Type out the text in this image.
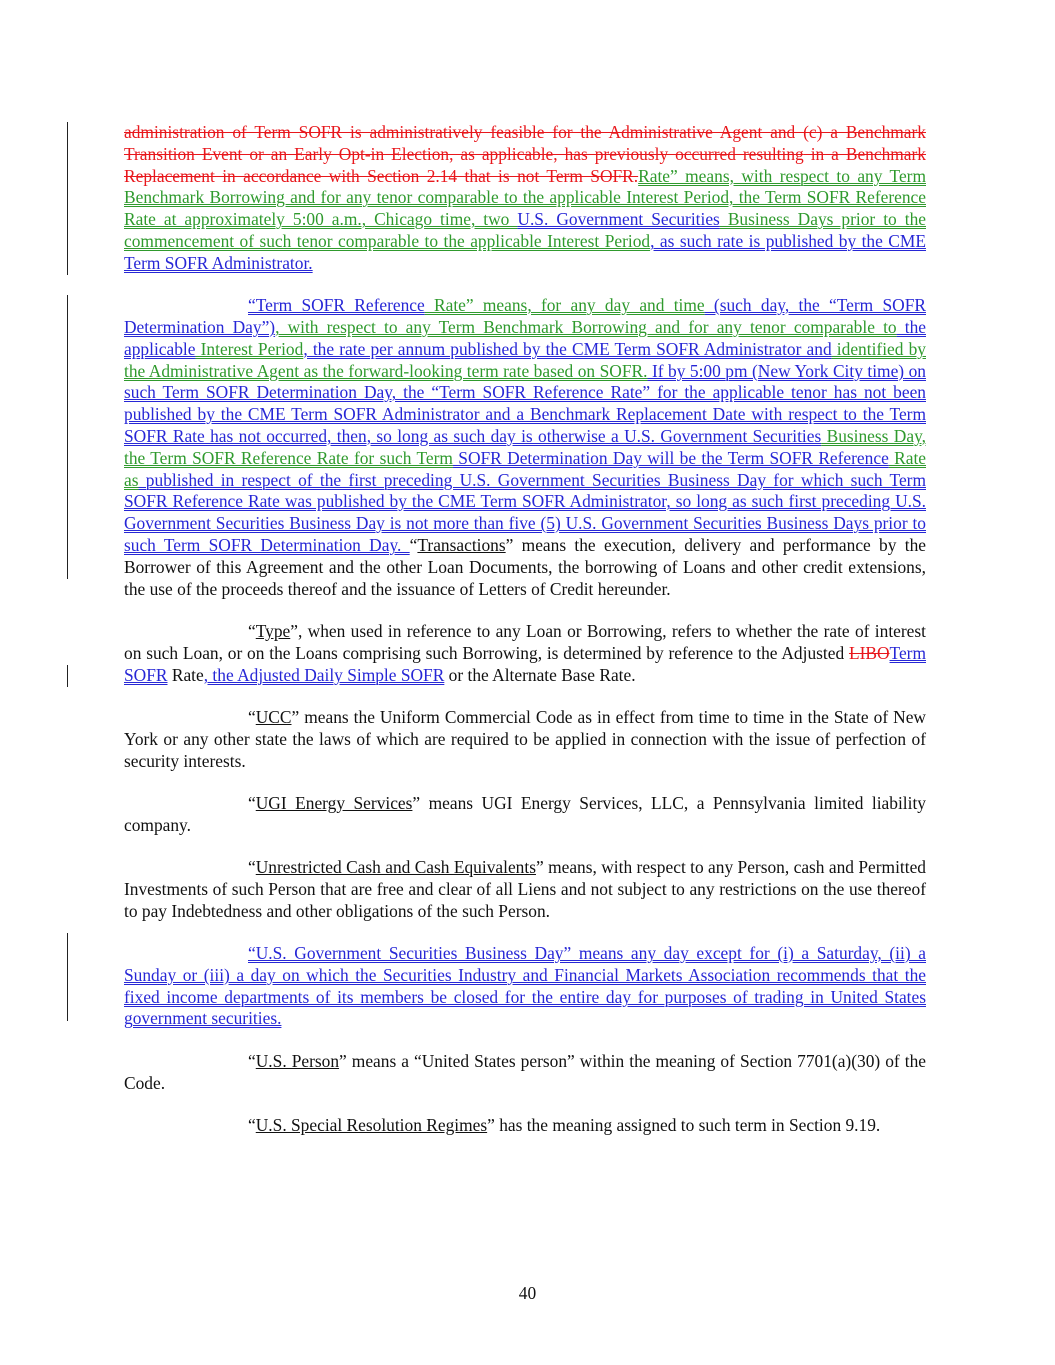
administration of Term SOFR is administratively feasible for the Administrative Agent and (c) a Benchmark Transition Event or an Early Opt-in Election, as applicable, has previously occurred resulting in a Benchmark Replacement in accordance with Section 2.14 that is not Term SOFR.Rate” means, with respect to any Term Benchmark Borrowing and for any tenor comparable to the applicable Interest Period, the Term SOFR Reference Rate at approximately 5:00 a.m., Chicago time, two U.S. Government Securities Business Days prior to the commencement of such tenor comparable to the applicable Interest Period, as such rate is published by the CME Term SOFR Administrator.

“Term SOFR Reference Rate” means, for any day and time (such day, the “Term SOFR Determination Day”), with respect to any Term Benchmark Borrowing and for any tenor comparable to the applicable Interest Period, the rate per annum published by the CME Term SOFR Administrator and identified by the Administrative Agent as the forward-looking term rate based on SOFR. If by 5:00 pm (New York City time) on such Term SOFR Determination Day, the “Term SOFR Reference Rate” for the applicable tenor has not been published by the CME Term SOFR Administrator and a Benchmark Replacement Date with respect to the Term SOFR Rate has not occurred, then, so long as such day is otherwise a U.S. Government Securities Business Day, the Term SOFR Reference Rate for such Term SOFR Determination Day will be the Term SOFR Reference Rate as published in respect of the first preceding U.S. Government Securities Business Day for which such Term SOFR Reference Rate was published by the CME Term SOFR Administrator, so long as such first preceding U.S. Government Securities Business Day is not more than five (5) U.S. Government Securities Business Days prior to such Term SOFR Determination Day. “Transactions” means the execution, delivery and performance by the Borrower of this Agreement and the other Loan Documents, the borrowing of Loans and other credit extensions, the use of the proceeds thereof and the issuance of Letters of Credit hereunder.

“Type”, when used in reference to any Loan or Borrowing, refers to whether the rate of interest on such Loan, or on the Loans comprising such Borrowing, is determined by reference to the Adjusted LIBOTerm SOFR Rate, the Adjusted Daily Simple SOFR or the Alternate Base Rate.

“UCC” means the Uniform Commercial Code as in effect from time to time in the State of New York or any other state the laws of which are required to be applied in connection with the issue of perfection of security interests.

“UGI Energy Services” means UGI Energy Services, LLC, a Pennsylvania limited liability company.

“Unrestricted Cash and Cash Equivalents” means, with respect to any Person, cash and Permitted Investments of such Person that are free and clear of all Liens and not subject to any restrictions on the use thereof to pay Indebtedness and other obligations of the such Person.

“U.S. Government Securities Business Day” means any day except for (i) a Saturday, (ii) a Sunday or (iii) a day on which the Securities Industry and Financial Markets Association recommends that the fixed income departments of its members be closed for the entire day for purposes of trading in United States government securities.

“U.S. Person” means a “United States person” within the meaning of Section 7701(a)(30) of the Code.

“U.S. Special Resolution Regimes” has the meaning assigned to such term in Section 9.19.

40
